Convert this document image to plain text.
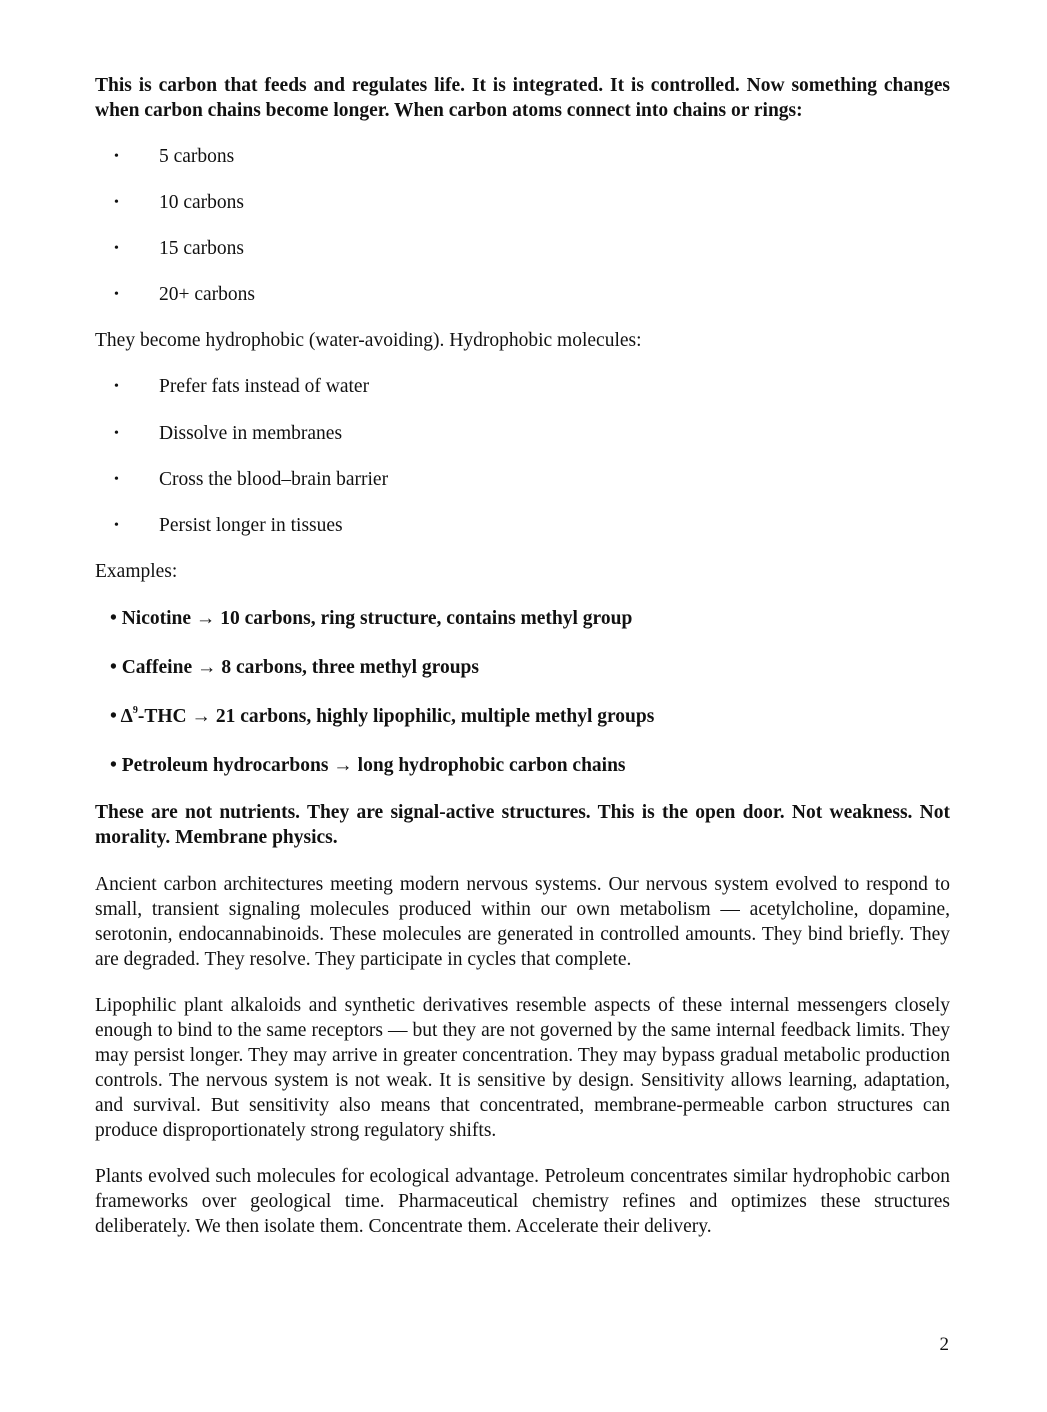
This is carbon that feeds and regulates life. It is integrated. It is controlled. Now something changes when carbon chains become longer. When carbon atoms connect into chains or rings:

• 5 carbons
• 10 carbons
• 15 carbons
• 20+ carbons

They become hydrophobic (water-avoiding). Hydrophobic molecules:

• Prefer fats instead of water
• Dissolve in membranes
• Cross the blood–brain barrier
• Persist longer in tissues

Examples:

• Nicotine → 10 carbons, ring structure, contains methyl group
• Caffeine → 8 carbons, three methyl groups
• $\Delta^9$-THC → 21 carbons, highly lipophilic, multiple methyl groups
• Petroleum hydrocarbons → long hydrophobic carbon chains

These are not nutrients. They are signal-active structures. This is the open door. Not weakness. Not morality. Membrane physics.

Ancient carbon architectures meeting modern nervous systems. Our nervous system evolved to respond to small, transient signaling molecules produced within our own metabolism — acetylcholine, dopamine, serotonin, endocannabinoids. These molecules are generated in controlled amounts. They bind briefly. They are degraded. They resolve. They participate in cycles that complete.

Lipophilic plant alkaloids and synthetic derivatives resemble aspects of these internal messengers closely enough to bind to the same receptors — but they are not governed by the same internal feedback limits. They may persist longer. They may arrive in greater concentration. They may bypass gradual metabolic production controls. The nervous system is not weak. It is sensitive by design. Sensitivity allows learning, adaptation, and survival. But sensitivity also means that concentrated, membrane-permeable carbon structures can produce disproportionately strong regulatory shifts.

Plants evolved such molecules for ecological advantage. Petroleum concentrates similar hydrophobic carbon frameworks over geological time. Pharmaceutical chemistry refines and optimizes these structures deliberately. We then isolate them. Concentrate them. Accelerate their delivery.

2
